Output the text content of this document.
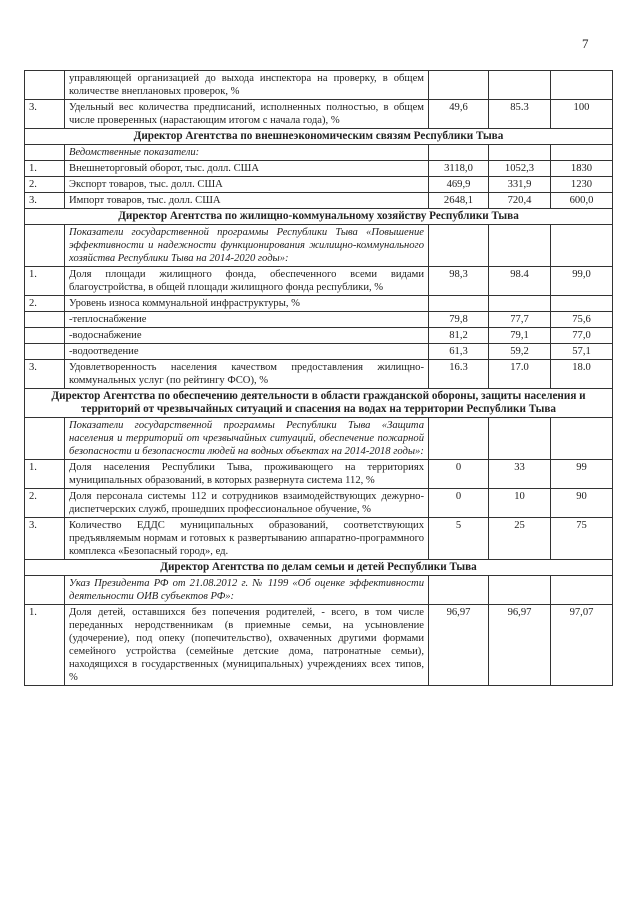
7
	управляющей организацией до выхода инспектора на проверку, в общем количестве внеплановых проверок, %			
3.	Удельный вес количества предписаний, исполненных полностью, в общем числе проверенных (нарастающим итогом с начала года), %	49,6	85.3	100
Директор Агентства по внешнеэкономическим связям Республики Тыва				
	Ведомственные показатели:			
1.	Внешнеторговый оборот, тыс. долл. США	3118,0	1052,3	1830
2.	Экспорт товаров, тыс. долл. США	469,9	331,9	1230
3.	Импорт товаров, тыс. долл. США	2648,1	720,4	600,0
Директор Агентства по жилищно-коммунальному хозяйству Республики Тыва				
	Показатели государственной программы Республики Тыва «Повышение эффективности и надежности функционирования жилищно-коммунального хозяйства Республики Тыва на 2014-2020 годы»:			
1.	Доля площади жилищного фонда, обеспеченного всеми видами благоустройства, в общей площади жилищного фонда республики, %	98,3	98.4	99,0
2.	Уровень износа коммунальной инфраструктуры, %			
	-теплоснабжение	79,8	77,7	75,6
	-водоснабжение	81,2	79,1	77,0
	-водоотведение	61,3	59,2	57,1
3.	Удовлетворенность населения качеством предоставления жилищно-коммунальных услуг (по рейтингу ФСО), %	16.3	17.0	18.0
Директор Агентства по обеспечению деятельности в области гражданской обороны, защиты населения и территорий от чрезвычайных ситуаций и спасения на водах на территории Республики Тыва				
	Показатели государственной программы Республики Тыва «Защита населения и территорий от чрезвычайных ситуаций, обеспечение пожарной безопасности и безопасности людей на водных объектах на 2014-2018 годы»:			
1.	Доля населения Республики Тыва, проживающего на территориях муниципальных образований, в которых развернута система 112, %	0	33	99
2.	Доля персонала системы 112 и сотрудников взаимодействующих дежурно-диспетчерских служб, прошедших профессиональное обучение, %	0	10	90
3.	Количество ЕДДС муниципальных образований, соответствующих предъявляемым нормам и готовых к развертыванию аппаратно-программного комплекса «Безопасный город», ед.	5	25	75
Директор Агентства по делам семьи и детей Республики Тыва				
	Указ Президента РФ от 21.08.2012 г. № 1199 «Об оценке эффективности деятельности ОИВ субъектов РФ»:			
1.	Доля детей, оставшихся без попечения родителей, - всего, в том числе переданных неродственникам (в приемные семьи, на усыновление (удочерение), под опеку (попечительство), охваченных другими формами семейного устройства (семейные детские дома, патронатные семьи), находящихся в государственных (муниципальных) учреждениях всех типов, %	96,97	96,97	97,07
